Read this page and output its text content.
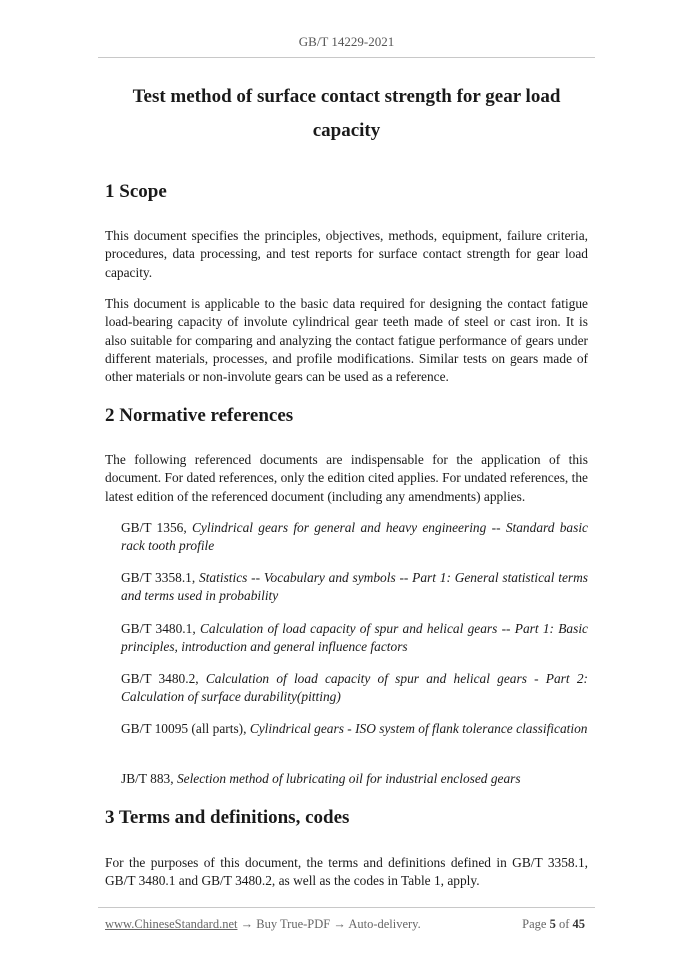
GB/T 14229-2021
Test method of surface contact strength for gear load capacity
1 Scope

This document specifies the principles, objectives, methods, equipment, failure criteria, procedures, data processing, and test reports for surface contact strength for gear load capacity.

This document is applicable to the basic data required for designing the contact fatigue load-bearing capacity of involute cylindrical gear teeth made of steel or cast iron. It is also suitable for comparing and analyzing the contact fatigue performance of gears under different materials, processes, and profile modifications. Similar tests on gears made of other materials or non-involute gears can be used as a reference.

2 Normative references

The following referenced documents are indispensable for the application of this document. For dated references, only the edition cited applies. For undated references, the latest edition of the referenced document (including any amendments) applies.

GB/T 1356, Cylindrical gears for general and heavy engineering -- Standard basic rack tooth profile

GB/T 3358.1, Statistics -- Vocabulary and symbols -- Part 1: General statistical terms and terms used in probability

GB/T 3480.1, Calculation of load capacity of spur and helical gears -- Part 1: Basic principles, introduction and general influence factors

GB/T 3480.2, Calculation of load capacity of spur and helical gears - Part 2: Calculation of surface durability(pitting)

GB/T 10095 (all parts), Cylindrical gears - ISO system of flank tolerance classification

JB/T 883, Selection method of lubricating oil for industrial enclosed gears

3 Terms and definitions, codes

For the purposes of this document, the terms and definitions defined in GB/T 3358.1, GB/T 3480.1 and GB/T 3480.2, as well as the codes in Table 1, apply.

www.ChineseStandard.net → Buy True-PDF → Auto-delivery.	Page 5 of 45
